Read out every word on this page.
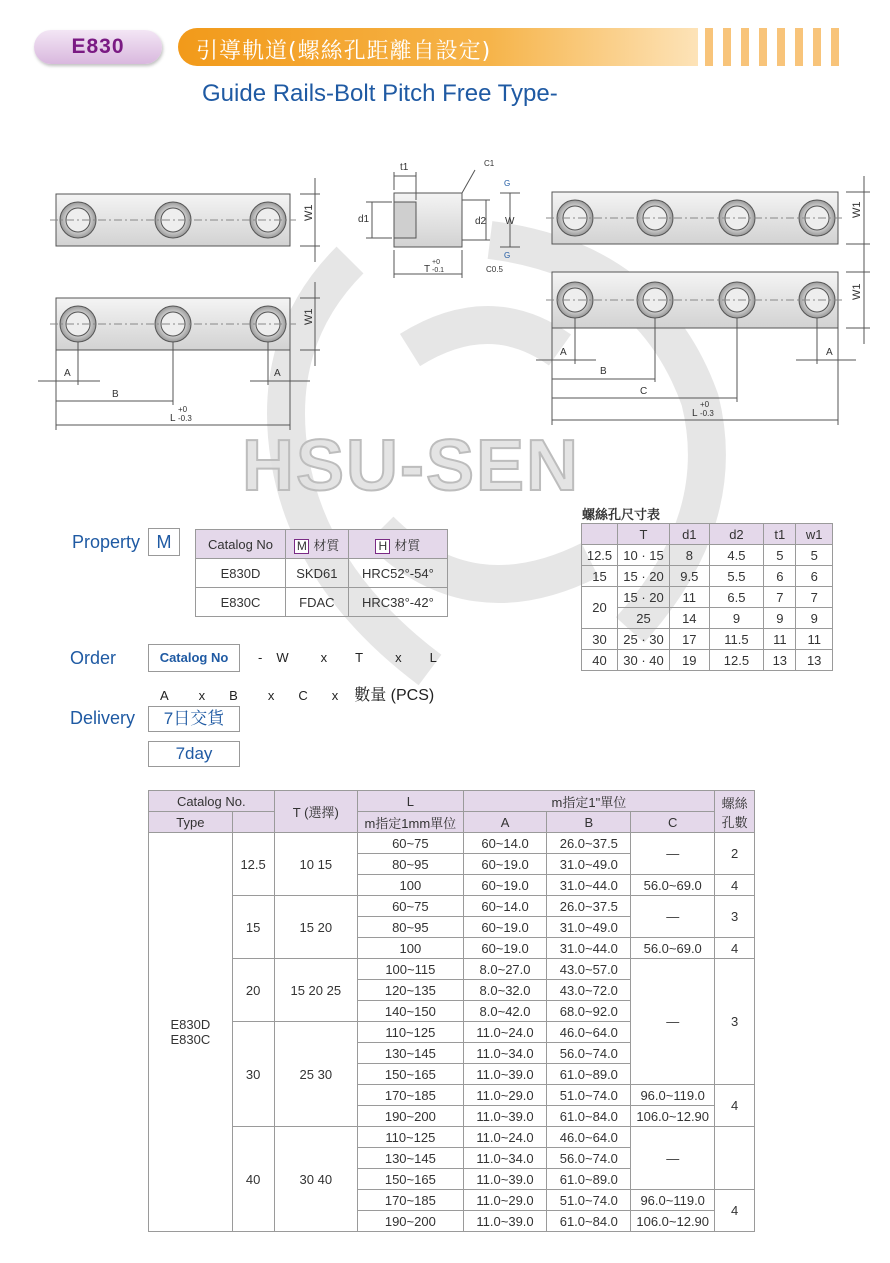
E830	引導軌道(螺絲孔距離自設定)
Guide Rails-Bolt Pitch Free Type-
HSU-SEN
W1
W1
A	A
B
L
+0
-0.3
t1
d1	d2 W
C1
G
G
T
+0
-0.1	C0.5
W1
W1
A	A
B
C
L
+0
-0.3
Property M	Catalog No	M 材質	H 材質
E830D	SKD61	HRC52°-54°
E830C	FDAC	HRC38°-42°
螺絲孔尺寸表
	T	d1	d2	t1	w1
12.5	10 · 15	8	4.5	5	5
15	15 · 20	9.5	5.5	6	6
20	15 · 20	11	6.5	7	7
	25	14	9	9	9
30	25 · 30	17	11.5	11	11
40	30 · 40	19	12.5	13	13
Order	Catalog No	- W x T x L
A x B x C x 數量 (PCS)
Delivery	7日交貨
7day
Catalog No.		T (選擇)	L	m指定1"單位			螺絲孔數
Type			m指定1mm單位	A	B	C	
E830D
E830C	12.5	10 15	60~75	60~14.0	26.0~37.5	—	2
			80~95	60~19.0	31.0~49.0		
			100	60~19.0	31.0~44.0	56.0~69.0	4
	15	15 20	60~75	60~14.0	26.0~37.5	—	3
			80~95	60~19.0	31.0~49.0		
			100	60~19.0	31.0~44.0	56.0~69.0	4
	20	15 20 25	100~115	8.0~27.0	43.0~57.0	—	3
			120~135	8.0~32.0	43.0~72.0		
			140~150	8.0~42.0	68.0~92.0		
	30	25 30	110~125	11.0~24.0	46.0~64.0		
			130~145	11.0~34.0	56.0~74.0		
			150~165	11.0~39.0	61.0~89.0		
			170~185	11.0~29.0	51.0~74.0	96.0~119.0	4
			190~200	11.0~39.0	61.0~84.0	106.0~12.90	
	40	30 40	110~125	11.0~24.0	46.0~64.0	—	
			130~145	11.0~34.0	56.0~74.0		
			150~165	11.0~39.0	61.0~89.0		
			170~185	11.0~29.0	51.0~74.0	96.0~119.0	4
			190~200	11.0~39.0	61.0~84.0	106.0~12.90	
